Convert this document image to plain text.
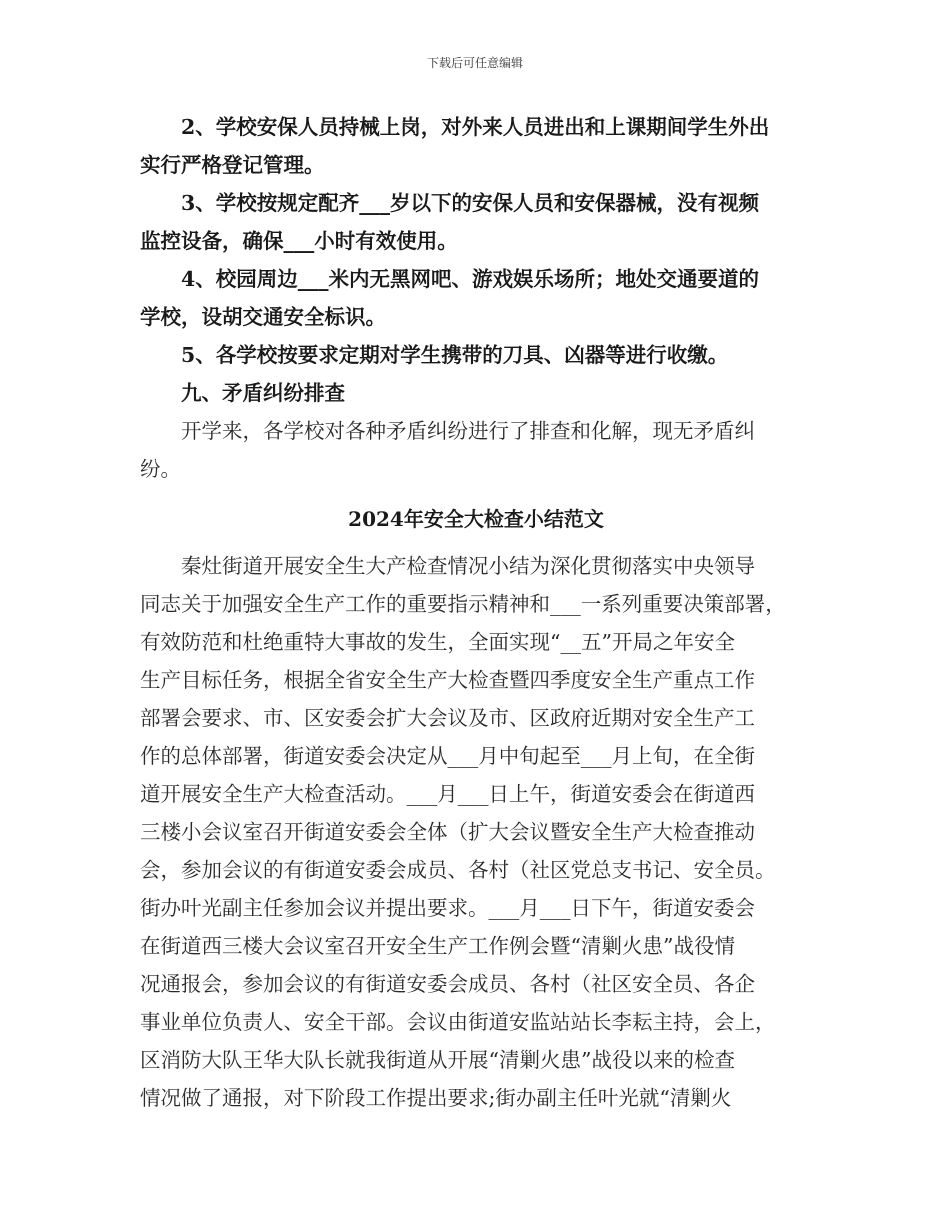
下载后可任意编辑
　　2、学校安保人员持械上岗，对外来人员进出和上课期间学生外出
实行严格登记管理。
　　3、学校按规定配齐___岁以下的安保人员和安保器械，没有视频
监控设备，确保___小时有效使用。
　　4、校园周边___米内无黑网吧、游戏娱乐场所；地处交通要道的
学校，设胡交通安全标识。
　　5、各学校按要求定期对学生携带的刀具、凶器等进行收缴。
　　九、矛盾纠纷排查
　　开学来，各学校对各种矛盾纠纷进行了排查和化解，现无矛盾纠
纷。
2024年安全大检查小结范文
　　秦灶街道开展安全生大产检查情况小结为深化贯彻落实中央领导
同志关于加强安全生产工作的重要指示精神和___一系列重要决策部署，
有效防范和杜绝重特大事故的发生，全面实现“__五”开局之年安全
生产目标任务，根据全省安全生产大检查暨四季度安全生产重点工作
部署会要求、市、区安委会扩大会议及市、区政府近期对安全生产工
作的总体部署，街道安委会决定从___月中旬起至___月上旬，在全街
道开展安全生产大检查活动。___月___日上午，街道安委会在街道西
三楼小会议室召开街道安委会全体（扩大会议暨安全生产大检查推动
会，参加会议的有街道安委会成员、各村（社区党总支书记、安全员。
街办叶光副主任参加会议并提出要求。___月___日下午，街道安委会
在街道西三楼大会议室召开安全生产工作例会暨“清剿火患”战役情
况通报会，参加会议的有街道安委会成员、各村（社区安全员、各企
事业单位负责人、安全干部。会议由街道安监站站长李耘主持，会上，
区消防大队王华大队长就我街道从开展“清剿火患”战役以来的检查
情况做了通报，对下阶段工作提出要求;街办副主任叶光就“清剿火
